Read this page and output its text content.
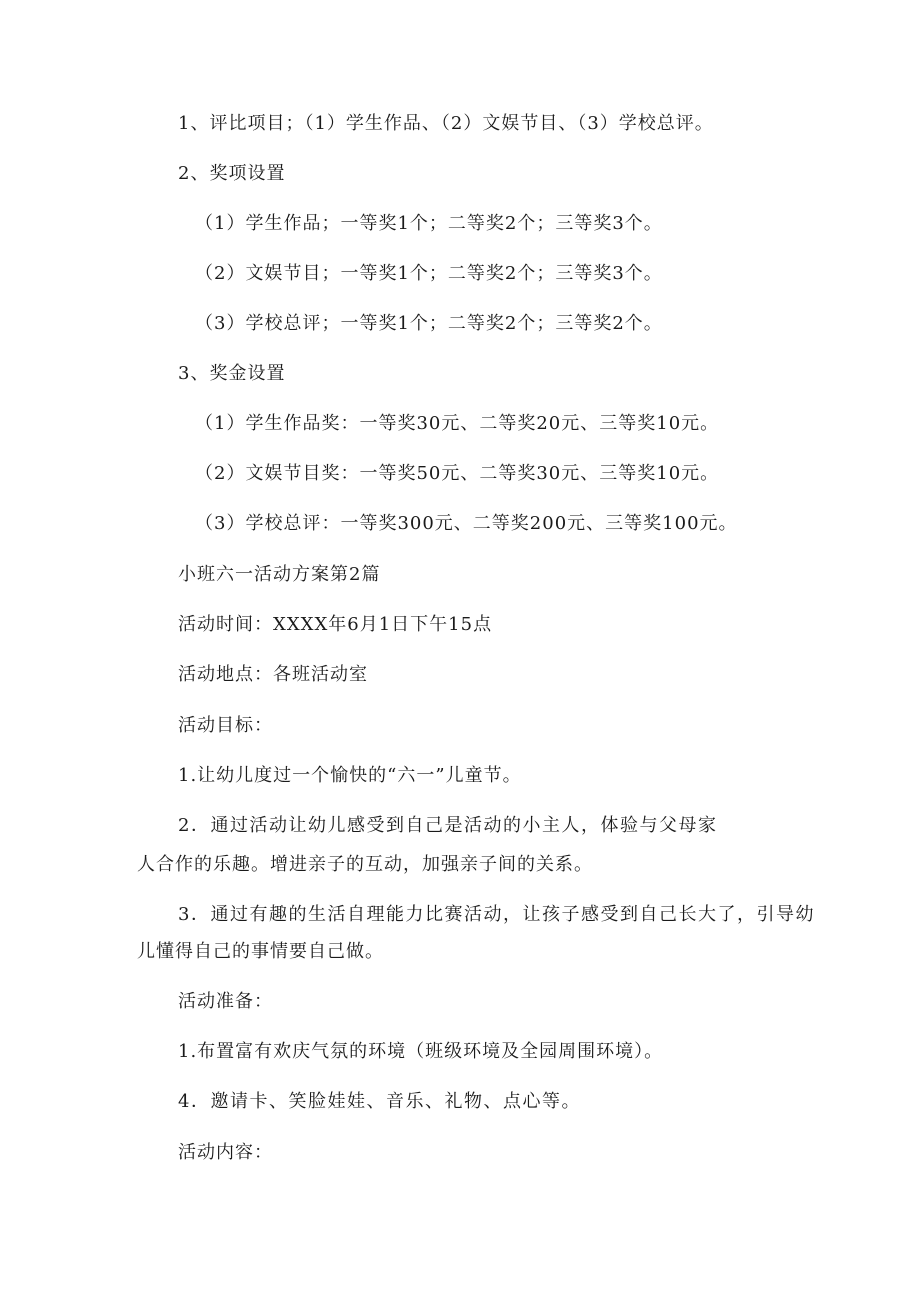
1、评比项目；（1）学生作品、（2）文娱节目、（3）学校总评。
2、奖项设置
（1）学生作品；一等奖1个；二等奖2个；三等奖3个。
（2）文娱节目；一等奖1个；二等奖2个；三等奖3个。
（3）学校总评；一等奖1个；二等奖2个；三等奖2个。
3、奖金设置
（1）学生作品奖：一等奖30元、二等奖20元、三等奖10元。
（2）文娱节目奖：一等奖50元、二等奖30元、三等奖10元。
（3）学校总评：一等奖300元、二等奖200元、三等奖100元。
小班六一活动方案第2篇
活动时间：XXXX年6月1日下午15点
活动地点：各班活动室
活动目标：
1.让幼儿度过一个愉快的“六一”儿童节。
2．通过活动让幼儿感受到自己是活动的小主人，体验与父母家
人合作的乐趣。增进亲子的互动，加强亲子间的关系。
3．通过有趣的生活自理能力比赛活动，让孩子感受到自己长大了，引导幼
儿懂得自己的事情要自己做。
活动准备：
1.布置富有欢庆气氛的环境（班级环境及全园周围环境）。
4．邀请卡、笑脸娃娃、音乐、礼物、点心等。
活动内容：
